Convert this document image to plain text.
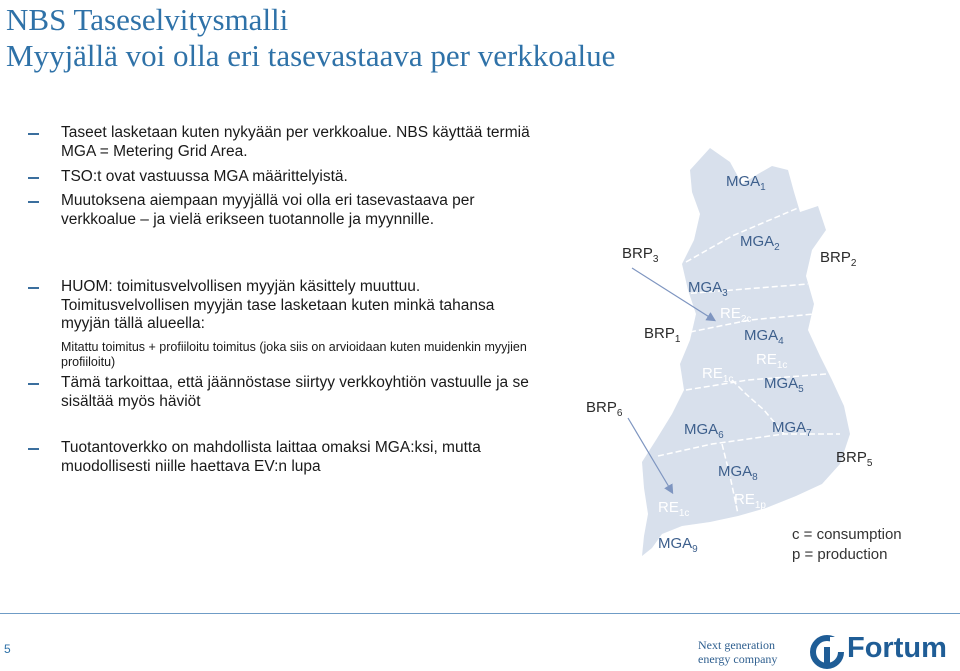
NBS Taseselvitysmalli
Myyjällä voi olla eri tasevastaava per verkkoalue
Taseet lasketaan kuten nykyään per verkkoalue. NBS käyttää termiä MGA = Metering Grid Area.
TSO:t ovat vastuussa MGA määrittelyistä.
Muutoksena aiempaan myyjällä voi olla eri tasevastaava per verkkoalue – ja vielä erikseen tuotannolle ja myynnille.
HUOM: toimitusvelvollisen myyjän käsittely muuttuu. Toimitusvelvollisen myyjän tase lasketaan kuten minkä tahansa myyjän tällä alueella:
Mitattu toimitus + profiiloitu toimitus (joka siis on arvioidaan kuten muidenkin myyjien profiiloitu)
Tämä tarkoittaa, että jäännöstase siirtyy verkkoyhtiön vastuulle ja se sisältää myös häviöt
Tuotantoverkko on mahdollista laittaa omaksi MGA:ksi, mutta muodollisesti niille haettava EV:n lupa
$MGA_1$
$MGA_2$
$MGA_3$
$MGA_4$
$MGA_5$
$MGA_6$	$MGA_7$
$MGA_8$
$MGA_9$
$BRP_3$	$BRP_2$
$BRP_1$
$BRP_6$
$BRP_5$
$RE_{2c}$
$RE_{1c}$
$RE_{1c}$
$RE_{1c}$
$RE_{1p}$
c = consumption
p = production
5	Next generation
energy company Fortum
